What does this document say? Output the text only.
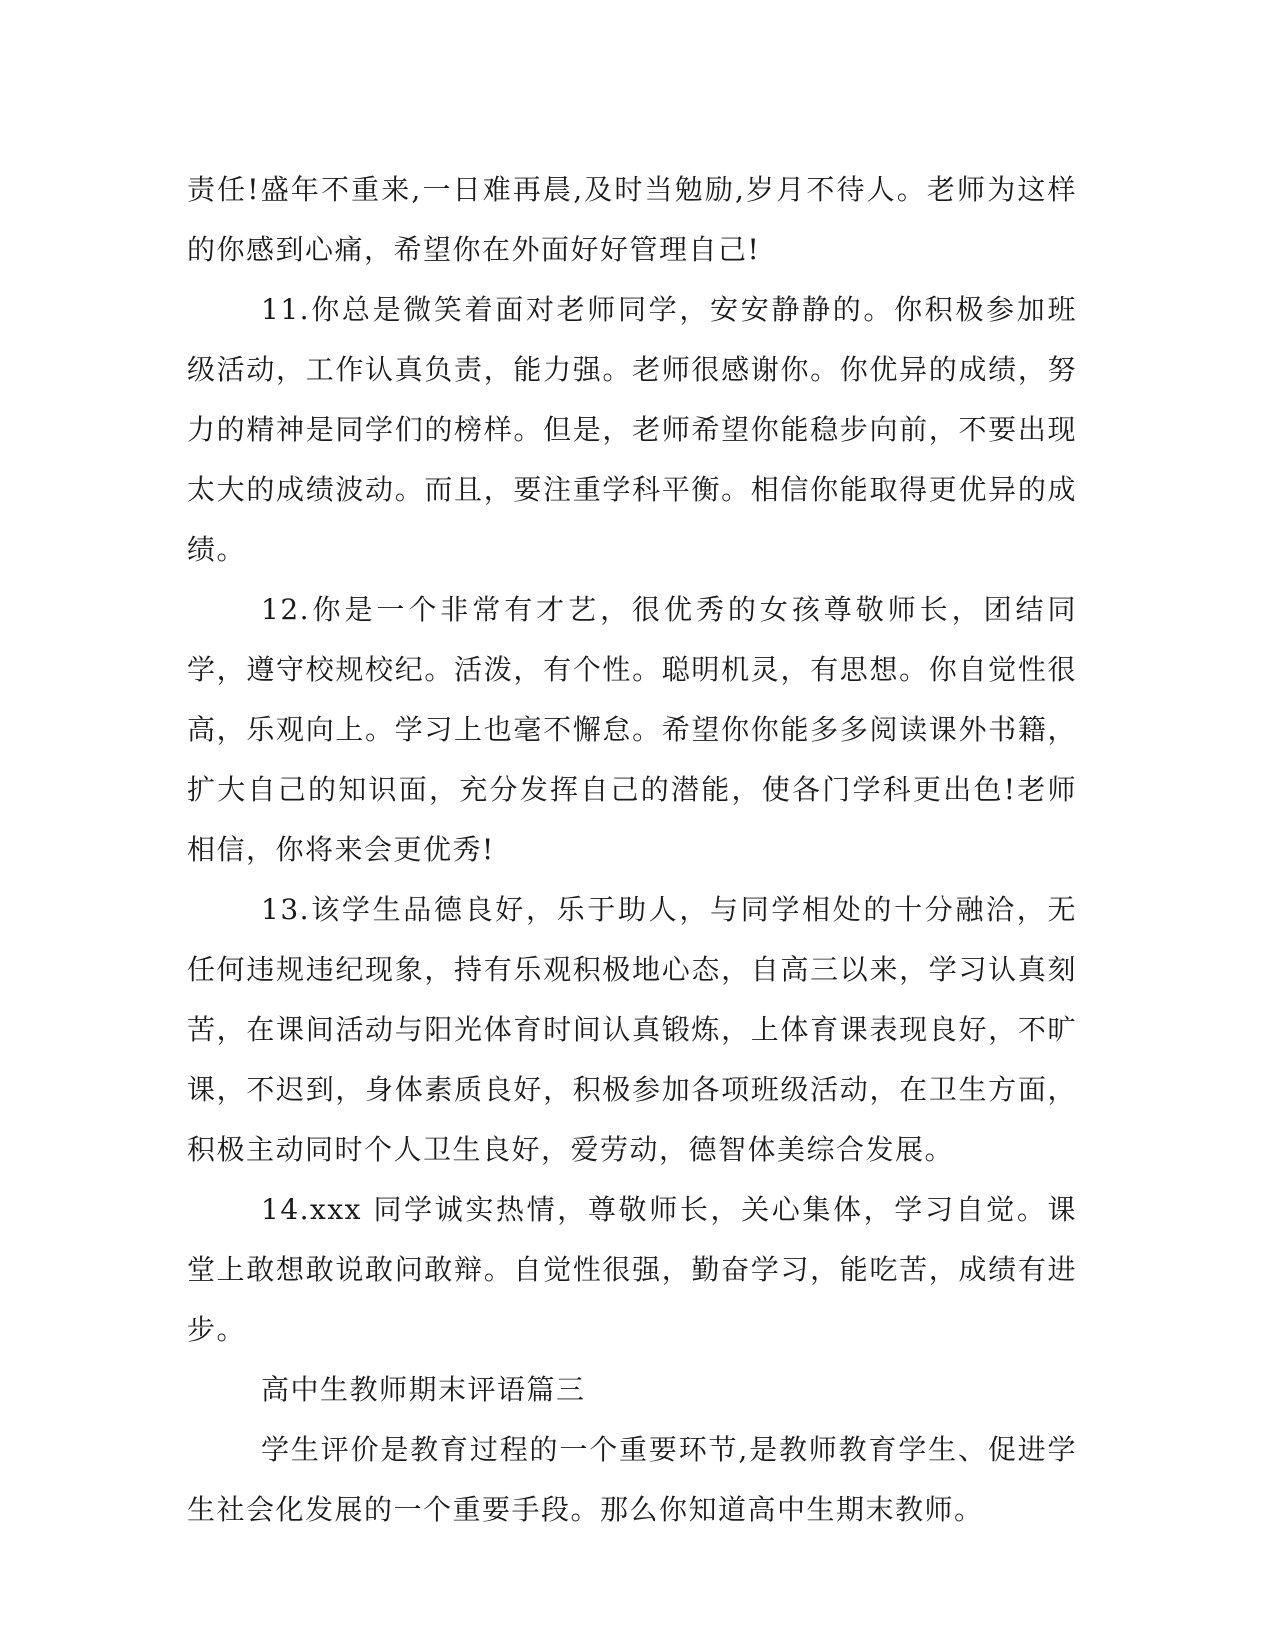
责任!盛年不重来,一日难再晨,及时当勉励,岁月不待人。老师为这样的你感到心痛，希望你在外面好好管理自己!

11.你总是微笑着面对老师同学，安安静静的。你积极参加班级活动，工作认真负责，能力强。老师很感谢你。你优异的成绩，努力的精神是同学们的榜样。但是，老师希望你能稳步向前，不要出现太大的成绩波动。而且，要注重学科平衡。相信你能取得更优异的成绩。

12.你是一个非常有才艺，很优秀的女孩尊敬师长，团结同学，遵守校规校纪。活泼，有个性。聪明机灵，有思想。你自觉性很高，乐观向上。学习上也毫不懈怠。希望你你能多多阅读课外书籍，扩大自己的知识面，充分发挥自己的潜能，使各门学科更出色!老师相信，你将来会更优秀!

13.该学生品德良好，乐于助人，与同学相处的十分融洽，无任何违规违纪现象，持有乐观积极地心态，自高三以来，学习认真刻苦，在课间活动与阳光体育时间认真锻炼，上体育课表现良好，不旷课，不迟到，身体素质良好，积极参加各项班级活动，在卫生方面，积极主动同时个人卫生良好，爱劳动，德智体美综合发展。

14.xxx 同学诚实热情，尊敬师长，关心集体，学习自觉。课堂上敢想敢说敢问敢辩。自觉性很强，勤奋学习，能吃苦，成绩有进步。

高中生教师期末评语篇三

学生评价是教育过程的一个重要环节,是教师教育学生、促进学生社会化发展的一个重要手段。那么你知道高中生期末教师。
